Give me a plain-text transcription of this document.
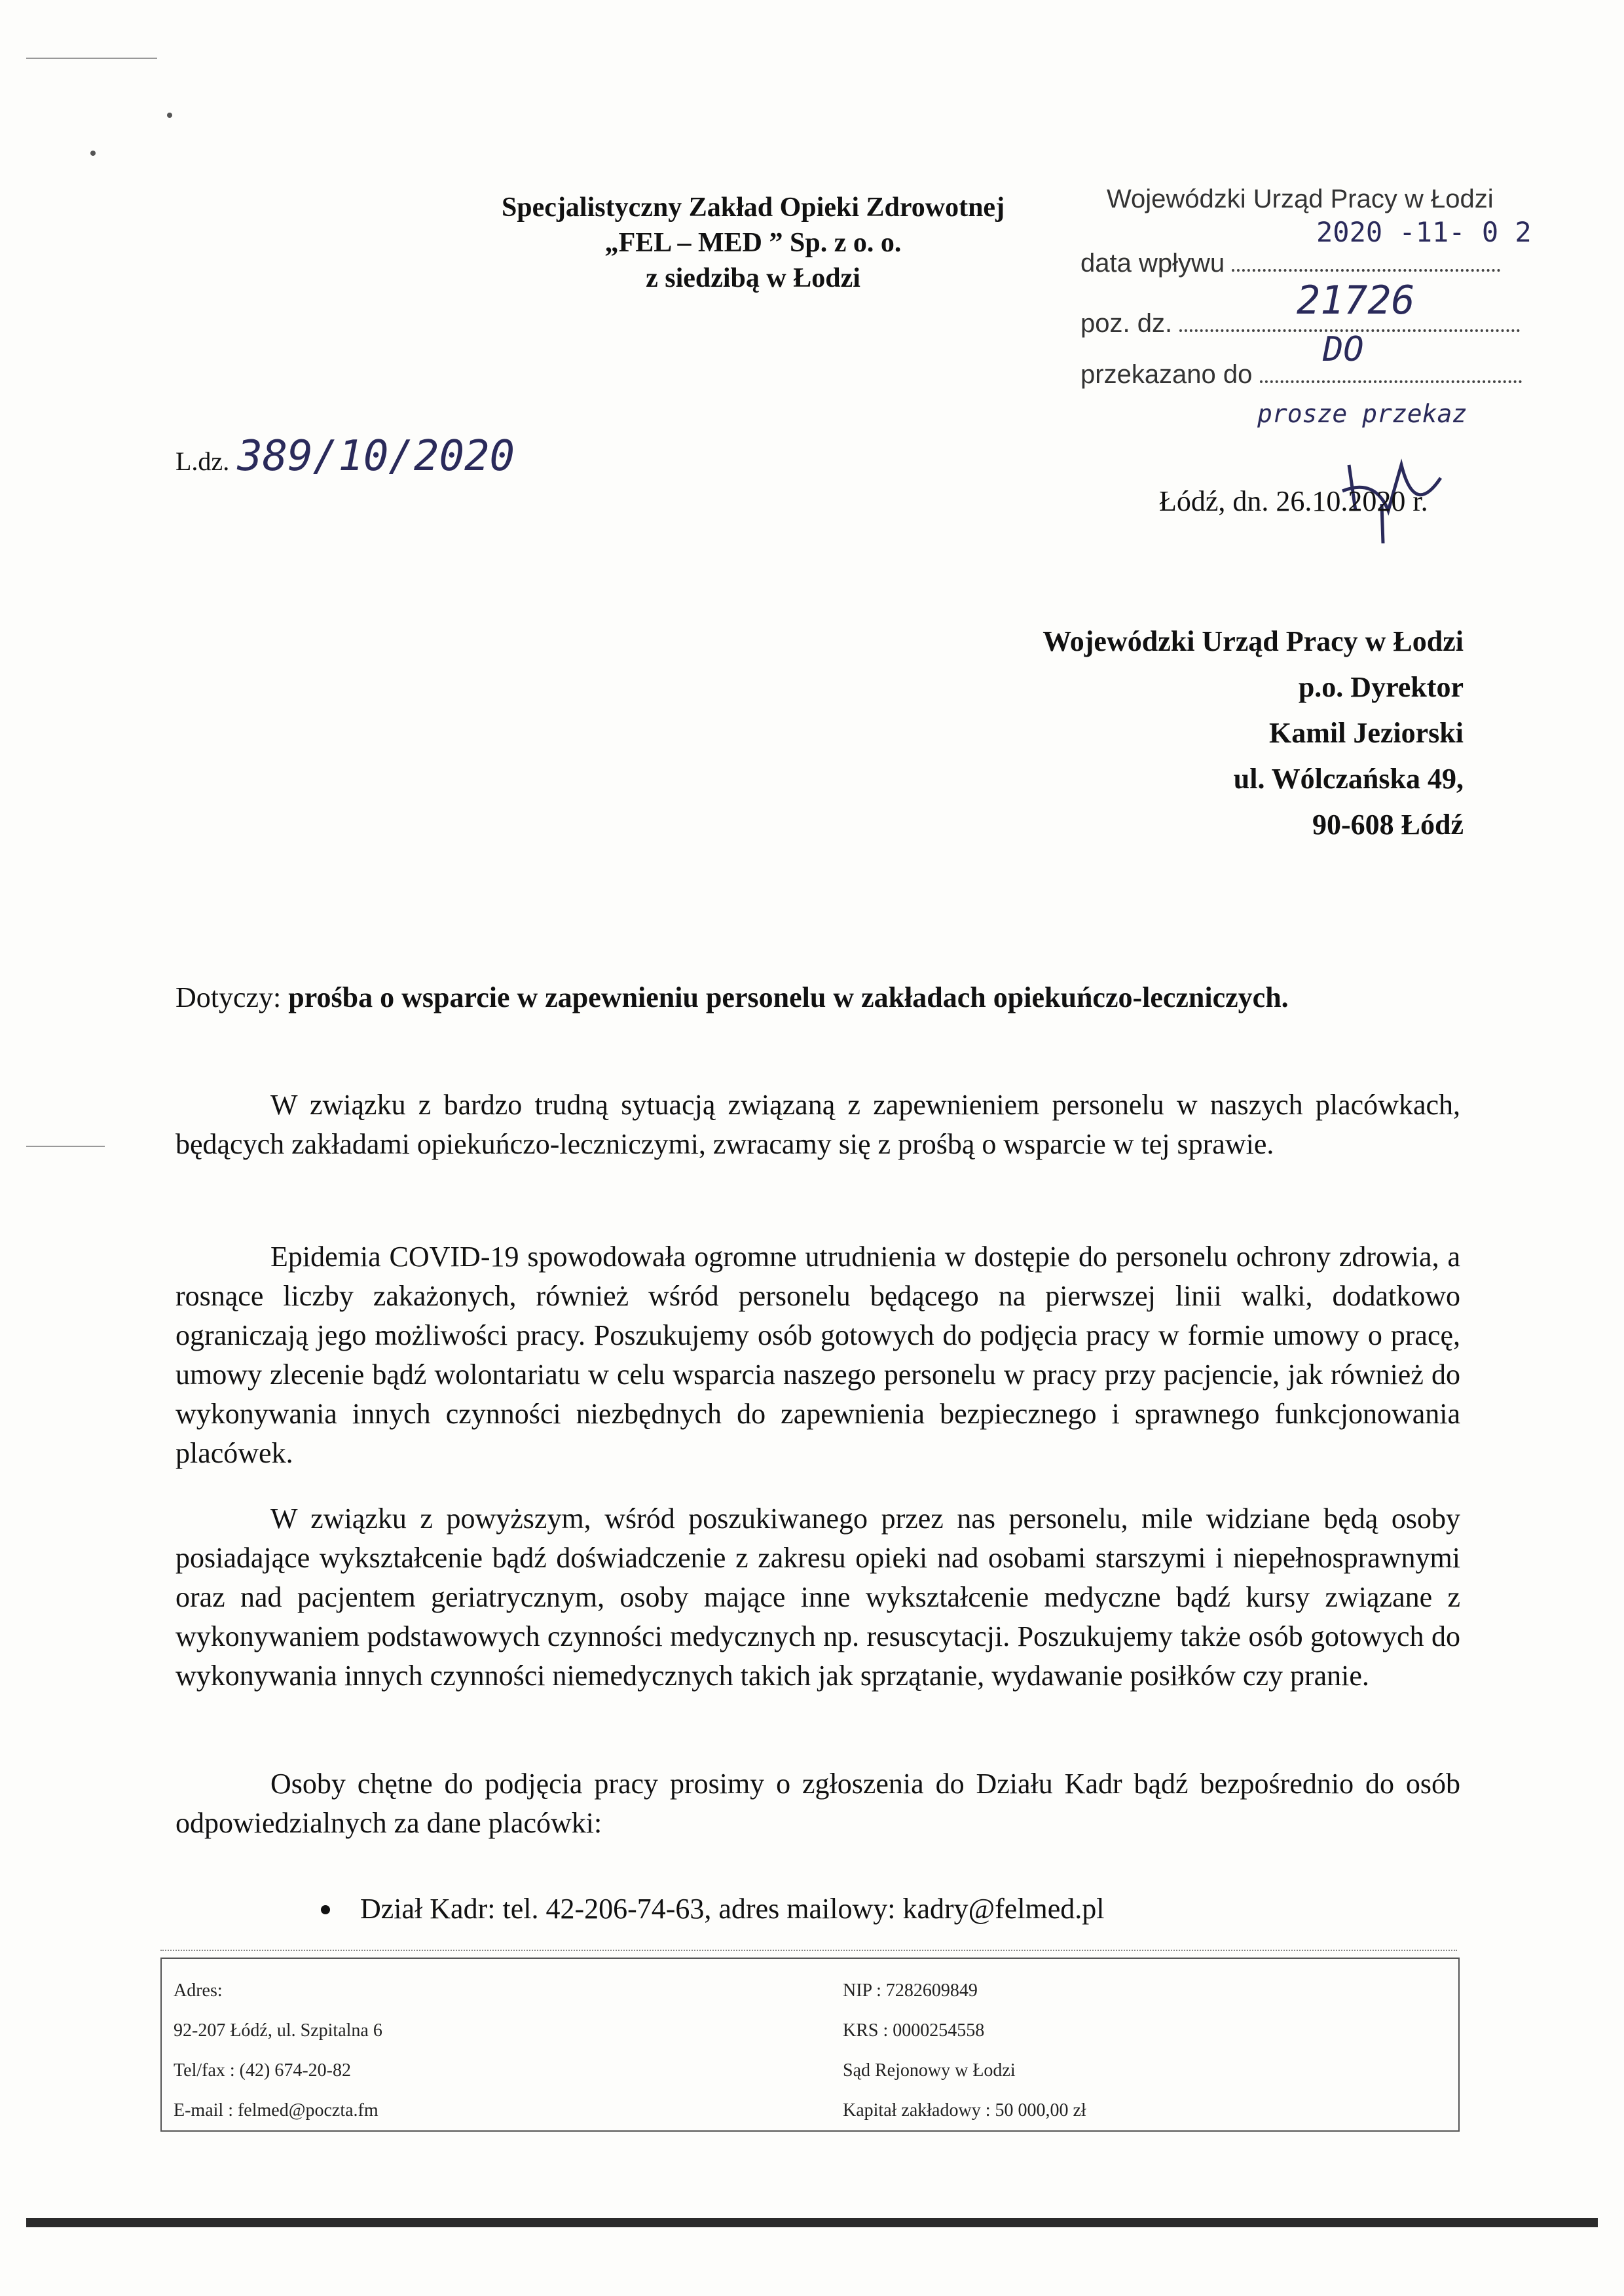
Specjalistyczny Zakład Opieki Zdrowotnej
„FEL – MED ” Sp. z o. o.
z siedzibą w Łodzi
Wojewódzki Urząd Pracy w Łodzi
2020 -11- 0 2
data wpływu
21726
poz. dz.
DO
przekazano do
prosze przekaz
L.dz. 389/10/2020
Łódź, dn. 26.10.2020 r.
Wojewódzki Urząd Pracy w Łodzi
p.o. Dyrektor
Kamil Jeziorski
ul. Wólczańska 49,
90-608 Łódź
Dotyczy: prośba o wsparcie w zapewnieniu personelu w zakładach opiekuńczo-leczniczych.

W związku z bardzo trudną sytuacją związaną z zapewnieniem personelu w naszych placówkach, będących zakładami opiekuńczo-leczniczymi, zwracamy się z prośbą o wsparcie w tej sprawie.

Epidemia COVID-19 spowodowała ogromne utrudnienia w dostępie do personelu ochrony zdrowia, a rosnące liczby zakażonych, również wśród personelu będącego na pierwszej linii walki, dodatkowo ograniczają jego możliwości pracy. Poszukujemy osób gotowych do podjęcia pracy w formie umowy o pracę, umowy zlecenie bądź wolontariatu w celu wsparcia naszego personelu w pracy przy pacjencie, jak również do wykonywania innych czynności niezbędnych do zapewnienia bezpiecznego i sprawnego funkcjonowania placówek.

W związku z powyższym, wśród poszukiwanego przez nas personelu, mile widziane będą osoby posiadające wykształcenie bądź doświadczenie z zakresu opieki nad osobami starszymi i niepełnosprawnymi oraz nad pacjentem geriatrycznym, osoby mające inne wykształcenie medyczne bądź kursy związane z wykonywaniem podstawowych czynności medycznych np. resuscytacji. Poszukujemy także osób gotowych do wykonywania innych czynności niemedycznych takich jak sprzątanie, wydawanie posiłków czy pranie.

Osoby chętne do podjęcia pracy prosimy o zgłoszenia do Działu Kadr bądź bezpośrednio do osób odpowiedzialnych za dane placówki:

Dział Kadr: tel. 42-206-74-63, adres mailowy: kadry@felmed.pl
Adres:
92-207 Łódź, ul. Szpitalna 6
Tel/fax : (42) 674-20-82
E-mail : felmed@poczta.fm
NIP : 7282609849
KRS : 0000254558
Sąd Rejonowy w Łodzi
Kapitał zakładowy : 50 000,00 zł
